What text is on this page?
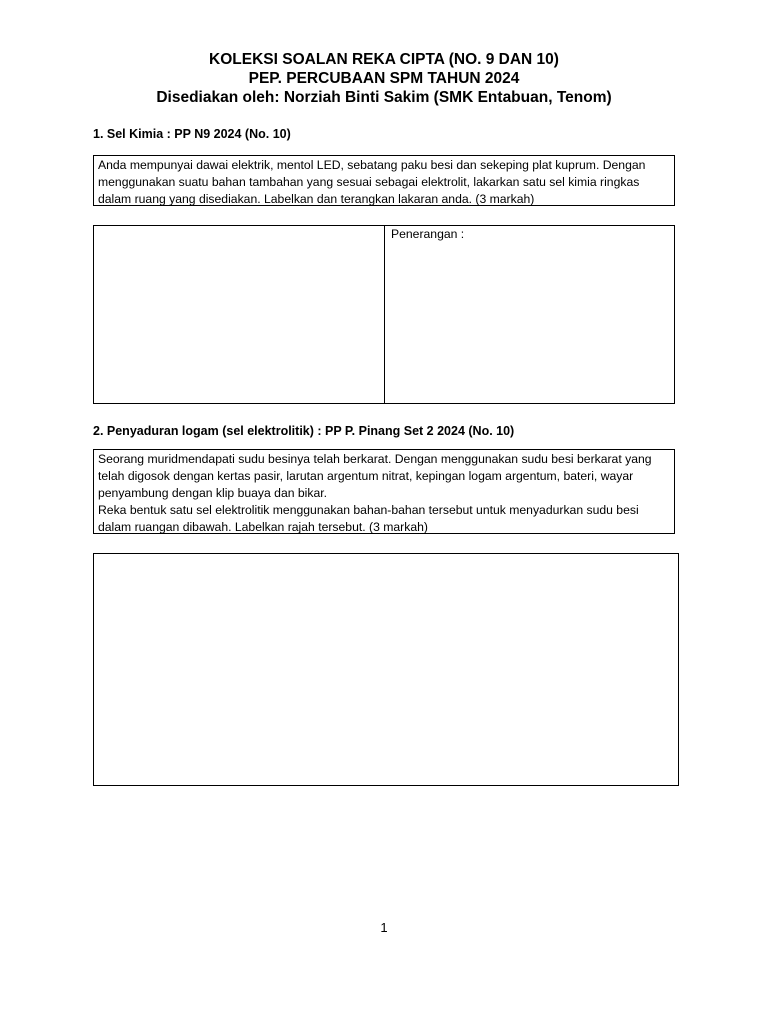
KOLEKSI SOALAN REKA CIPTA (NO. 9 DAN 10)
PEP. PERCUBAAN SPM TAHUN 2024
Disediakan oleh: Norziah Binti Sakim (SMK Entabuan, Tenom)
1. Sel Kimia : PP N9 2024 (No. 10)
Anda mempunyai dawai elektrik, mentol LED, sebatang paku besi dan sekeping plat kuprum. Dengan menggunakan suatu bahan tambahan yang sesuai sebagai elektrolit, lakarkan satu sel kimia ringkas dalam ruang yang disediakan. Labelkan dan terangkan lakaran anda. (3 markah)
Penerangan :
2. Penyaduran logam (sel elektrolitik) : PP P. Pinang Set 2 2024 (No. 10)
Seorang muridmendapati sudu besinya telah berkarat. Dengan menggunakan sudu besi berkarat yang telah digosok dengan kertas pasir, larutan argentum nitrat, kepingan logam argentum, bateri, wayar penyambung dengan klip buaya dan bikar.
Reka bentuk satu sel elektrolitik menggunakan bahan-bahan tersebut untuk menyadurkan sudu besi dalam ruangan dibawah. Labelkan rajah tersebut. (3 markah)
1
